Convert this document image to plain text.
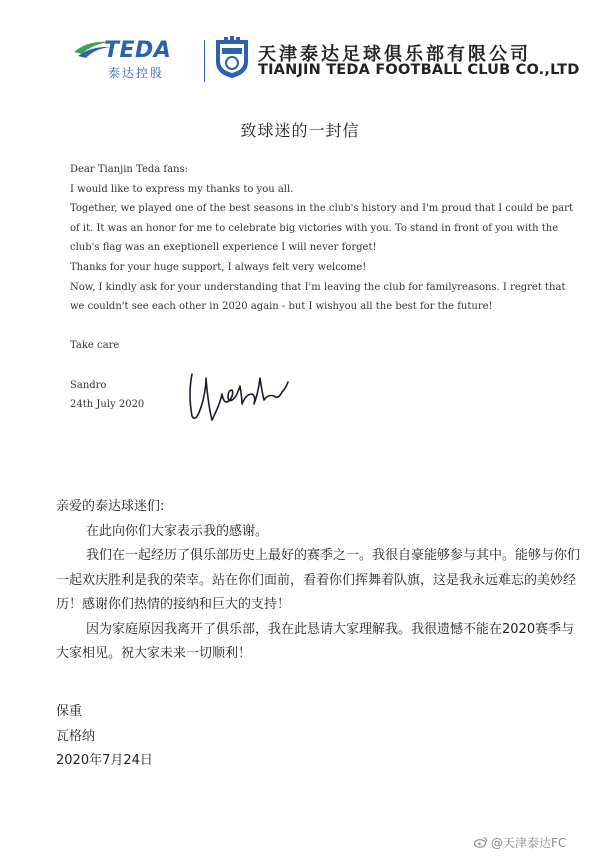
TEDA
泰达控股
天津泰达足球俱乐部有限公司
TIANJIN TEDA FOOTBALL CLUB CO.,LTD
致球迷的一封信

Dear Tianjin Teda fans:

I would like to express my thanks to you all.

Together, we played one of the best seasons in the club's history and I'm proud that I could be part of it. It was an honor for me to celebrate big victories with you. To stand in front of you with the club's flag was an exeptionell experience I will never forget!

Thanks for your huge support, I always felt very welcome!

Now, I kindly ask for your understanding that I'm leaving the club for familyreasons. I regret that we couldn't see each other in 2020 again - but I wishyou all the best for the future!

Take care

Sandro

24th July 2020

亲爱的泰达球迷们:

在此向你们大家表示我的感谢。

我们在一起经历了俱乐部历史上最好的赛季之一。我很自豪能够参与其中。能够与你们一起欢庆胜利是我的荣幸。站在你们面前，看着你们挥舞着队旗，这是我永远难忘的美妙经历！感谢你们热情的接纳和巨大的支持！

因为家庭原因我离开了俱乐部，我在此恳请大家理解我。我很遗憾不能在2020赛季与大家相见。祝大家未来一切顺利！

保重

瓦格纳

2020年7月24日

@天津泰达FC
